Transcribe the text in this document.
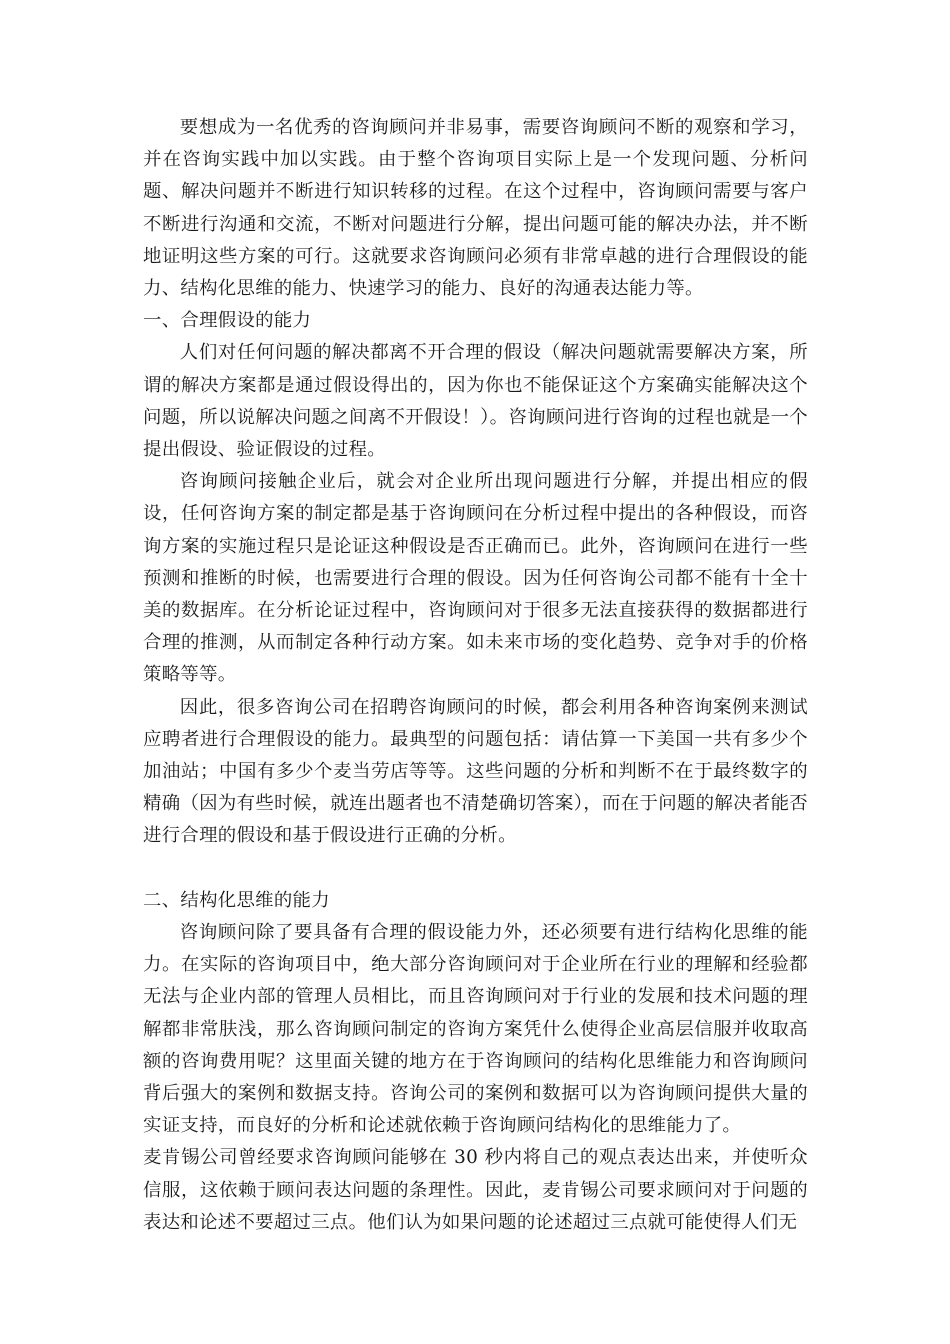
要想成为一名优秀的咨询顾问并非易事，需要咨询顾问不断的观察和学习，并在咨询实践中加以实践。由于整个咨询项目实际上是一个发现问题、分析问题、解决问题并不断进行知识转移的过程。在这个过程中，咨询顾问需要与客户不断进行沟通和交流，不断对问题进行分解，提出问题可能的解决办法，并不断地证明这些方案的可行。这就要求咨询顾问必须有非常卓越的进行合理假设的能力、结构化思维的能力、快速学习的能力、良好的沟通表达能力等。

一、合理假设的能力

人们对任何问题的解决都离不开合理的假设（解决问题就需要解决方案，所谓的解决方案都是通过假设得出的，因为你也不能保证这个方案确实能解决这个问题，所以说解决问题之间离不开假设！）。咨询顾问进行咨询的过程也就是一个提出假设、验证假设的过程。

咨询顾问接触企业后，就会对企业所出现问题进行分解，并提出相应的假设，任何咨询方案的制定都是基于咨询顾问在分析过程中提出的各种假设，而咨询方案的实施过程只是论证这种假设是否正确而已。此外，咨询顾问在进行一些预测和推断的时候，也需要进行合理的假设。因为任何咨询公司都不能有十全十美的数据库。在分析论证过程中，咨询顾问对于很多无法直接获得的数据都进行合理的推测，从而制定各种行动方案。如未来市场的变化趋势、竞争对手的价格策略等等。

因此，很多咨询公司在招聘咨询顾问的时候，都会利用各种咨询案例来测试应聘者进行合理假设的能力。最典型的问题包括：请估算一下美国一共有多少个加油站；中国有多少个麦当劳店等等。这些问题的分析和判断不在于最终数字的精确（因为有些时候，就连出题者也不清楚确切答案），而在于问题的解决者能否进行合理的假设和基于假设进行正确的分析。

二、结构化思维的能力

咨询顾问除了要具备有合理的假设能力外，还必须要有进行结构化思维的能力。在实际的咨询项目中，绝大部分咨询顾问对于企业所在行业的理解和经验都无法与企业内部的管理人员相比，而且咨询顾问对于行业的发展和技术问题的理解都非常肤浅，那么咨询顾问制定的咨询方案凭什么使得企业高层信服并收取高额的咨询费用呢？这里面关键的地方在于咨询顾问的结构化思维能力和咨询顾问背后强大的案例和数据支持。咨询公司的案例和数据可以为咨询顾问提供大量的实证支持，而良好的分析和论述就依赖于咨询顾问结构化的思维能力了。

麦肯锡公司曾经要求咨询顾问能够在 30 秒内将自己的观点表达出来，并使听众信服，这依赖于顾问表达问题的条理性。因此，麦肯锡公司要求顾问对于问题的表达和论述不要超过三点。他们认为如果问题的论述超过三点就可能使得人们无
